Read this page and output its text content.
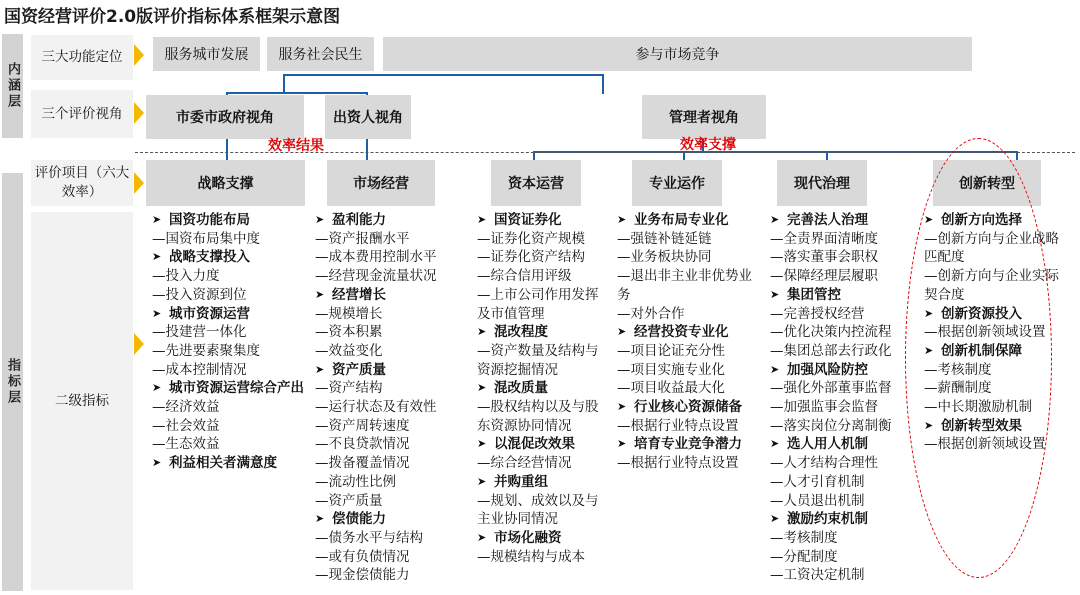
国资经营评价2.0版评价指标体系框架示意图
内涵层
指标层
三大功能定位
三个评价视角
评价项目（六大效率）
二级指标
服务城市发展	服务社会民生	参与市场竞争
市委市政府视角	出资人视角	管理者视角
效率结果	效率支撑
战略支撑	市场经营	资本运营	专业运作	现代治理	创新转型
➤ 国资功能布局
—国资布局集中度
➤ 战略支撑投入
—投入力度
—投入资源到位
➤ 城市资源运营
—投建营一体化
—先进要素聚集度
—成本控制情况
➤ 城市资源运营综合产出
—经济效益
—社会效益
—生态效益
➤ 利益相关者满意度
➤ 盈利能力
—资产报酬水平
—成本费用控制水平
—经营现金流量状况
➤ 经营增长
—规模增长
—资本积累
—效益变化
➤ 资产质量
—资产结构
—运行状态及有效性
—资产周转速度
—不良贷款情况
—拨备覆盖情况
—流动性比例
—资产质量
➤ 偿债能力
—债务水平与结构
—或有负债情况
—现金偿债能力
➤ 国资证券化
—证券化资产规模
—证券化资产结构
—综合信用评级
—上市公司作用发挥及市值管理
➤ 混改程度
—资产数量及结构与资源挖掘情况
➤ 混改质量
—股权结构以及与股东资源协同情况
➤ 以混促改效果
—综合经营情况
➤ 并购重组
—规划、成效以及与主业协同情况
➤ 市场化融资
—规模结构与成本
➤ 业务布局专业化
—强链补链延链
—业务板块协同
—退出非主业非优势业务
—对外合作
➤ 经营投资专业化
—项目论证充分性
—项目实施专业化
—项目收益最大化
➤ 行业核心资源储备
—根据行业特点设置
➤ 培育专业竞争潜力
—根据行业特点设置
➤ 完善法人治理
—全责界面清晰度
—落实董事会职权
—保障经理层履职
➤ 集团管控
—完善授权经营
—优化决策内控流程
—集团总部去行政化
➤ 加强风险防控
—强化外部董事监督
—加强监事会监督
—落实岗位分离制衡
➤ 选人用人机制
—人才结构合理性
—人才引育机制
—人员退出机制
➤ 激励约束机制
—考核制度
—分配制度
—工资决定机制
➤ 创新方向选择
—创新方向与企业战略匹配度
—创新方向与企业实际契合度
➤ 创新资源投入
—根据创新领域设置
➤ 创新机制保障
—考核制度
—薪酬制度
—中长期激励机制
➤ 创新转型效果
—根据创新领域设置
